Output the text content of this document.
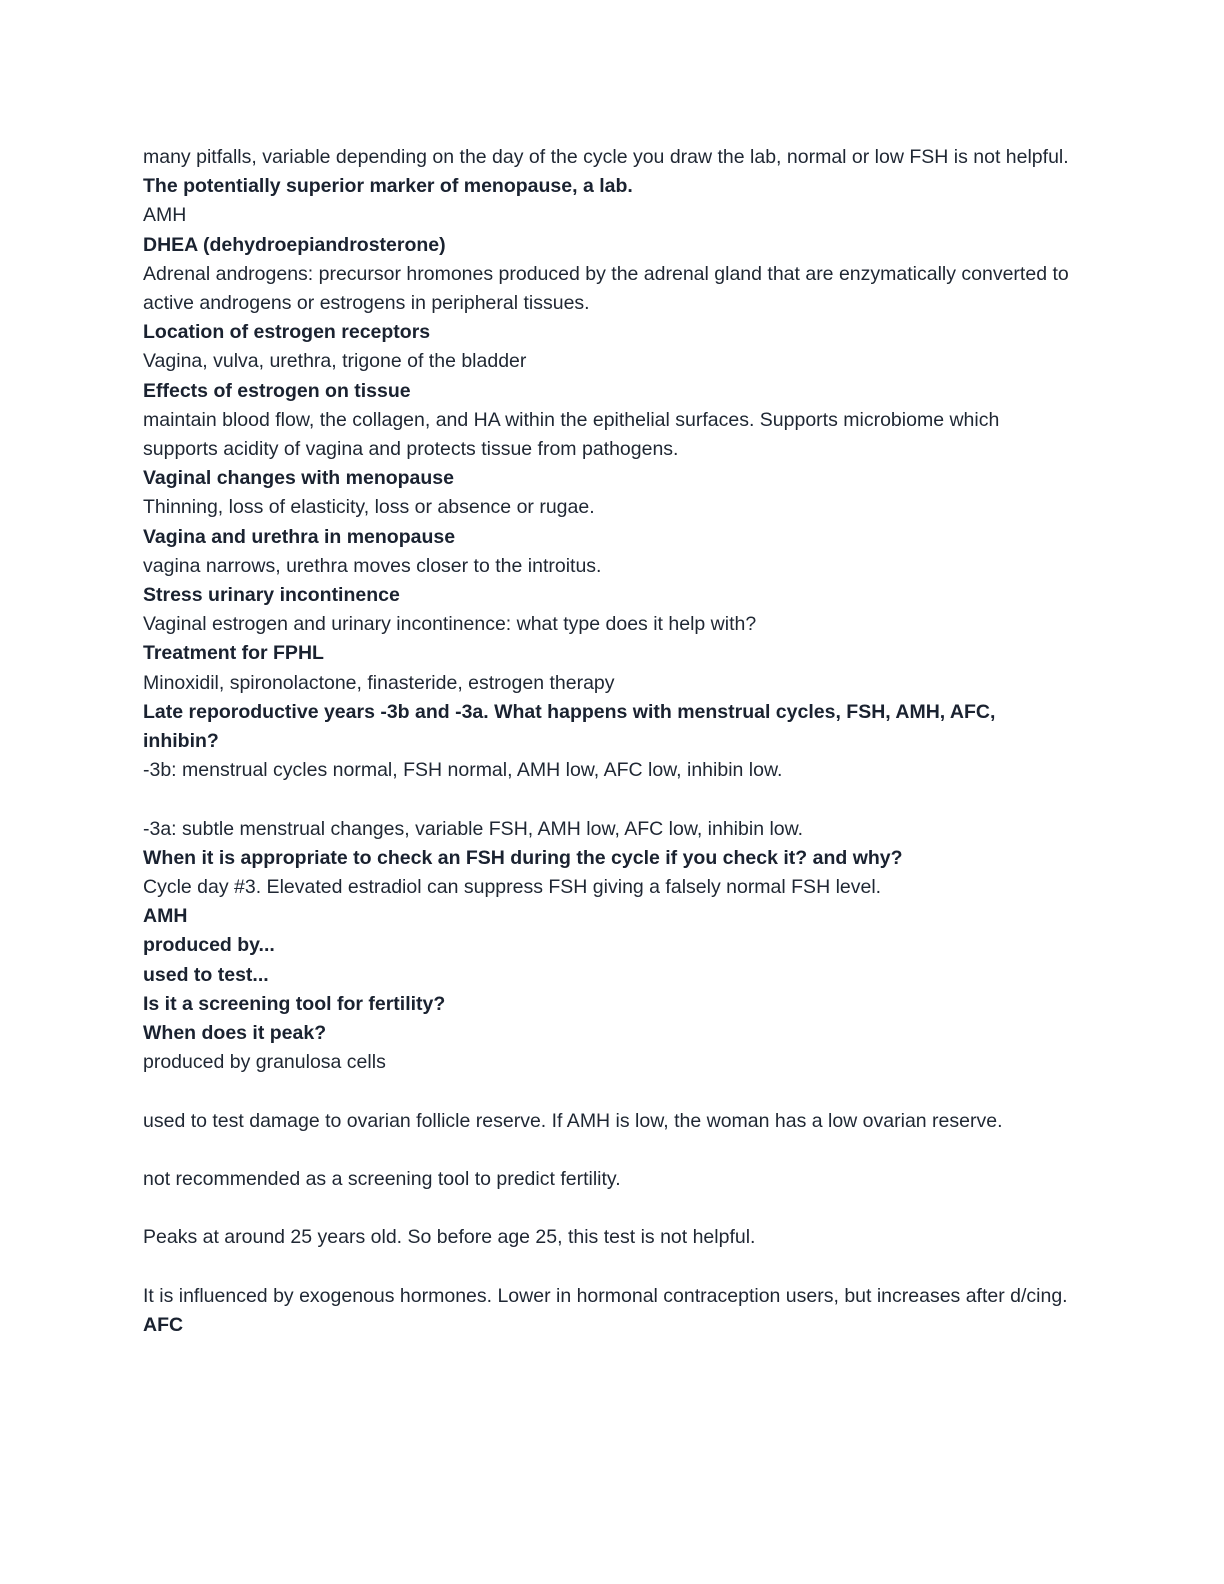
many pitfalls, variable depending on the day of the cycle you draw the lab, normal or low FSH is not helpful.
The potentially superior marker of menopause, a lab.
AMH
DHEA (dehydroepiandrosterone)
Adrenal androgens: precursor hromones produced by the adrenal gland that are enzymatically converted to active androgens or estrogens in peripheral tissues.
Location of estrogen receptors
Vagina, vulva, urethra, trigone of the bladder
Effects of estrogen on tissue
maintain blood flow, the collagen, and HA within the epithelial surfaces. Supports microbiome which supports acidity of vagina and protects tissue from pathogens.
Vaginal changes with menopause
Thinning, loss of elasticity, loss or absence or rugae.
Vagina and urethra in menopause
vagina narrows, urethra moves closer to the introitus.
Stress urinary incontinence
Vaginal estrogen and urinary incontinence: what type does it help with?
Treatment for FPHL
Minoxidil, spironolactone, finasteride, estrogen therapy
Late reporoductive years -3b and -3a. What happens with menstrual cycles, FSH, AMH, AFC, inhibin?
-3b: menstrual cycles normal, FSH normal, AMH low, AFC low, inhibin low.
-3a: subtle menstrual changes, variable FSH, AMH low, AFC low, inhibin low.
When it is appropriate to check an FSH during the cycle if you check it? and why?
Cycle day #3. Elevated estradiol can suppress FSH giving a falsely normal FSH level.
AMH
produced by...
used to test...
Is it a screening tool for fertility?
When does it peak?
produced by granulosa cells
used to test damage to ovarian follicle reserve. If AMH is low, the woman has a low ovarian reserve.
not recommended as a screening tool to predict fertility.
Peaks at around 25 years old. So before age 25, this test is not helpful.
It is influenced by exogenous hormones. Lower in hormonal contraception users, but increases after d/cing.
AFC
